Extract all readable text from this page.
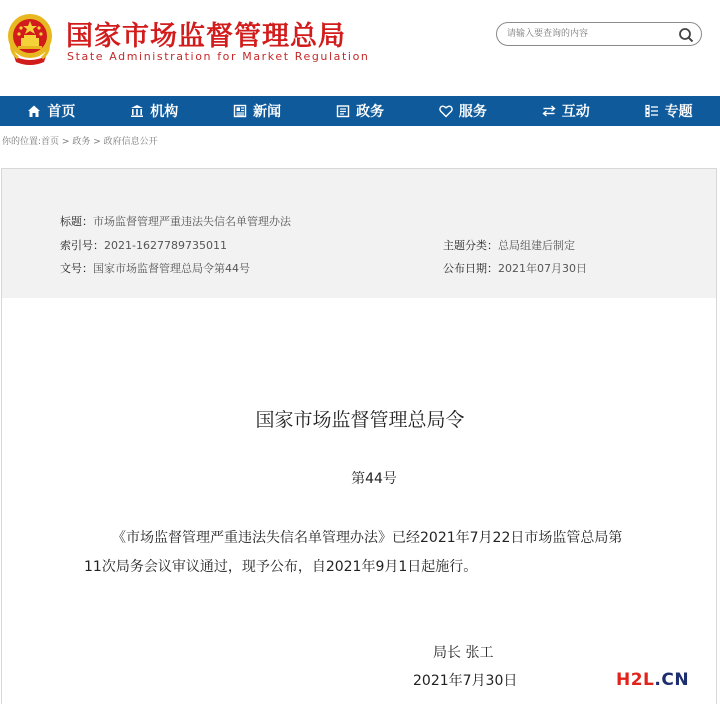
国家市场监督管理总局
State Administration for Market Regulation
请输入要查询的内容
首页	机构	新闻	政务	服务	互动	专题
你的位置:首页 > 政务 > 政府信息公开
标题：市场监督管理严重违法失信名单管理办法
索引号：2021-1627789735011	主题分类：总局组建后制定
文号：国家市场监督管理总局令第44号	公布日期：2021年07月30日
国家市场监督管理总局令
第44号
《市场监督管理严重违法失信名单管理办法》已经2021年7月22日市场监管总局第11次局务会议审议通过，现予公布，自2021年9月1日起施行。
局长 张工
2021年7月30日	H2L.CN
